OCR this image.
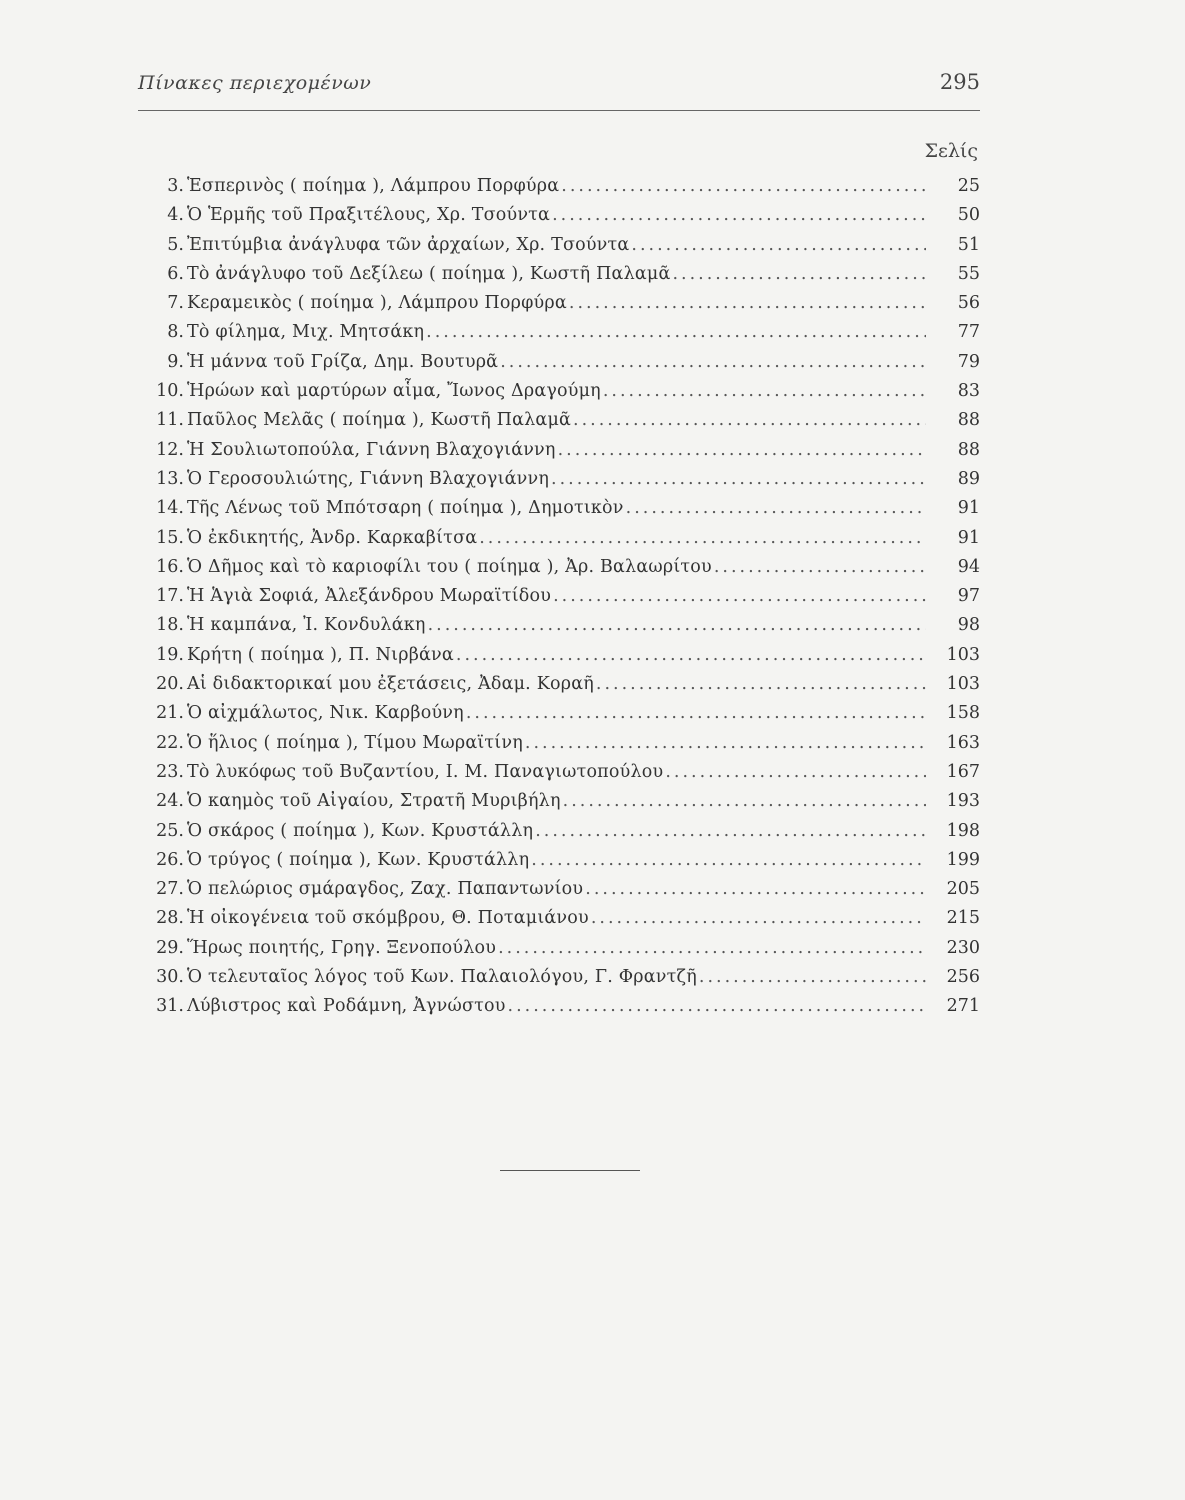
Πίνακες περιεχομένων	295
Σελίς
3. Ἑσπερινὸς ( ποίημα ), Λάμπρου Πορφύρα .....	25
4. Ὁ Ἑρμῆς τοῦ Πραξιτέλους, Χρ. Τσούντα .....	50
5. Ἐπιτύμβια ἀνάγλυφα τῶν ἀρχαίων, Χρ. Τσούντα .....	51
6. Τὸ ἀνάγλυφο τοῦ Δεξίλεω ( ποίημα ), Κωστῆ Παλαμᾶ .....	55
7. Κεραμεικὸς ( ποίημα ), Λάμπρου Πορφύρα .....	56
8. Τὸ φίλημα, Μιχ. Μητσάκη .....	77
9. Ἡ μάννα τοῦ Γρίζα, Δημ. Βουτυρᾶ .....	79
10. Ἡρώων καὶ μαρτύρων αἷμα, Ἴωνος Δραγούμη .....	83
11. Παῦλος Μελᾶς ( ποίημα ), Κωστῆ Παλαμᾶ .....	88
12. Ἡ Σουλιωτοπούλα, Γιάννη Βλαχογιάννη .....	88
13. Ὁ Γεροσουλιώτης, Γιάννη Βλαχογιάννη .....	89
14. Τῆς Λένως τοῦ Μπότσαρη ( ποίημα ), Δημοτικὸν .....	91
15. Ὁ ἐκδικητής, Ἀνδρ. Καρκαβίτσα .....	91
16. Ὁ Δῆμος καὶ τὸ καριοφίλι του ( ποίημα ), Ἀρ. Βαλαωρίτου .....	94
17. Ἡ Ἁγιὰ Σοφιά, Ἀλεξάνδρου Μωραϊτίδου .....	97
18. Ἡ καμπάνα, Ἰ. Κονδυλάκη .....	98
19. Κρήτη ( ποίημα ), Π. Νιρβάνα .....	103
20. Αἱ διδακτορικαί μου ἐξετάσεις, Ἀδαμ. Κοραῆ .....	103
21. Ὁ αἰχμάλωτος, Νικ. Καρβούνη .....	158
22. Ὁ ἥλιος ( ποίημα ), Τίμου Μωραϊτίνη .....	163
23. Τὸ λυκόφως τοῦ Βυζαντίου, Ι. Μ. Παναγιωτοπούλου .....	167
24. Ὁ καημὸς τοῦ Αἰγαίου, Στρατῆ Μυριβήλη .....	193
25. Ὁ σκάρος ( ποίημα ), Κων. Κρυστάλλη .....	198
26. Ὁ τρύγος ( ποίημα ), Κων. Κρυστάλλη .....	199
27. Ὁ πελώριος σμάραγδος, Ζαχ. Παπαντωνίου .....	205
28. Ἡ οἰκογένεια τοῦ σκόμβρου, Θ. Ποταμιάνου .....	215
29. Ἥρως ποιητής, Γρηγ. Ξενοπούλου .....	230
30. Ὁ τελευταῖος λόγος τοῦ Κων. Παλαιολόγου, Γ. Φραντζῆ .....	256
31. Λύβιστρος καὶ Ροδάμνη, Ἀγνώστου .....	271
